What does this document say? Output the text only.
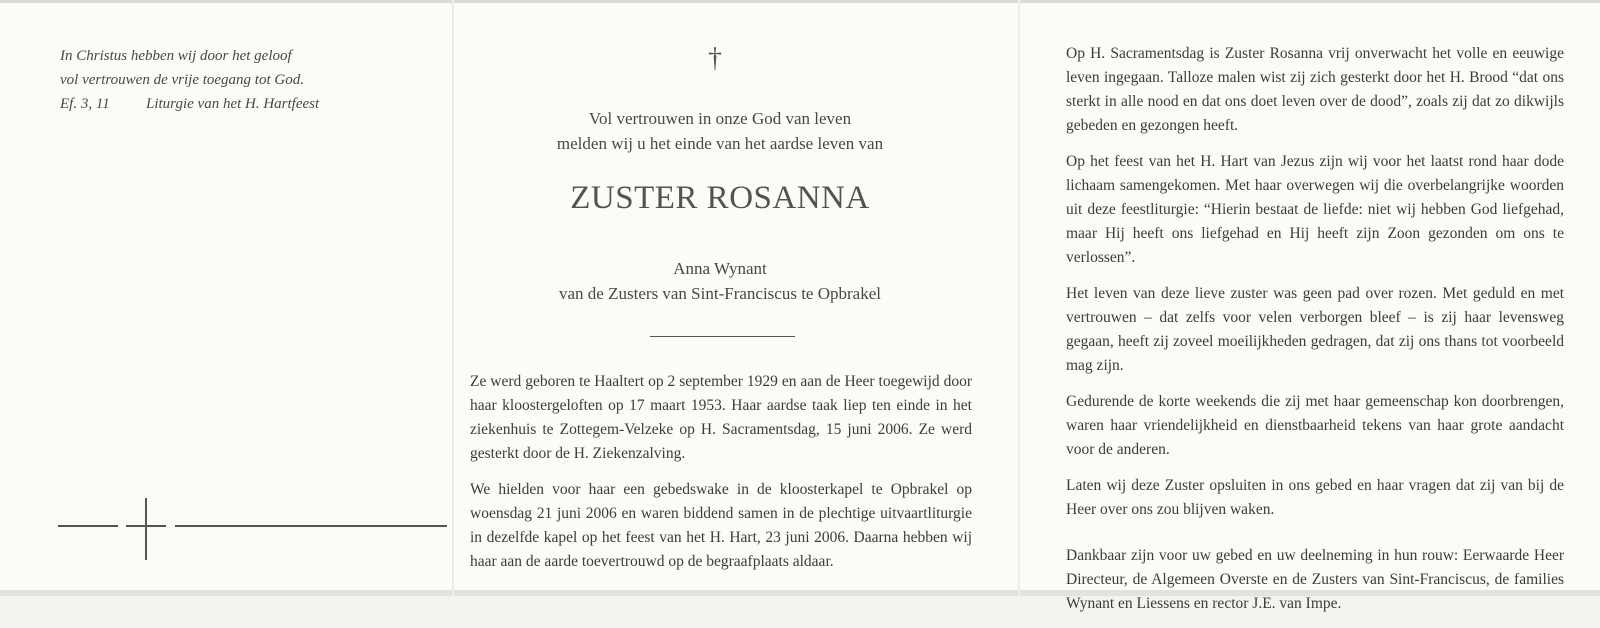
In Christus hebben wij door het geloof
vol vertrouwen de vrije toegang tot God.
Ef. 3, 11	Liturgie van het H. Hartfeest
†
Vol vertrouwen in onze God van leven
melden wij u het einde van het aardse leven van
ZUSTER ROSANNA
Anna Wynant
van de Zusters van Sint-Franciscus te Opbrakel

Ze werd geboren te Haaltert op 2 september 1929 en aan de Heer toegewijd door haar kloostergeloften op 17 maart 1953. Haar aardse taak liep ten einde in het ziekenhuis te Zottegem-Velzeke op H. Sacramentsdag, 15 juni 2006. Ze werd gesterkt door de H. Ziekenzalving.

We hielden voor haar een gebedswake in de kloosterkapel te Opbrakel op woensdag 21 juni 2006 en waren biddend samen in de plechtige uitvaartliturgie in dezelfde kapel op het feest van het H. Hart, 23 juni 2006. Daarna hebben wij haar aan de aarde toevertrouwd op de begraafplaats aldaar.

Op H. Sacramentsdag is Zuster Rosanna vrij onverwacht het volle en eeuwige leven ingegaan. Talloze malen wist zij zich gesterkt door het H. Brood “dat ons sterkt in alle nood en dat ons doet leven over de dood”, zoals zij dat zo dikwijls gebeden en gezongen heeft.

Op het feest van het H. Hart van Jezus zijn wij voor het laatst rond haar dode lichaam samengekomen. Met haar overwegen wij die overbelangrijke woorden uit deze feestliturgie: “Hierin bestaat de liefde: niet wij hebben God liefgehad, maar Hij heeft ons liefgehad en Hij heeft zijn Zoon gezonden om ons te verlossen”.

Het leven van deze lieve zuster was geen pad over rozen. Met geduld en met vertrouwen – dat zelfs voor velen verborgen bleef – is zij haar levensweg gegaan, heeft zij zoveel moeilijkheden gedragen, dat zij ons thans tot voorbeeld mag zijn.

Gedurende de korte weekends die zij met haar gemeenschap kon doorbrengen, waren haar vriendelijkheid en dienstbaarheid tekens van haar grote aandacht voor de anderen.

Laten wij deze Zuster opsluiten in ons gebed en haar vragen dat zij van bij de Heer over ons zou blijven waken.

Dankbaar zijn voor uw gebed en uw deelneming in hun rouw: Eerwaarde Heer Directeur, de Algemeen Overste en de Zusters van Sint-Franciscus, de families Wynant en Liessens en rector J.E. van Impe.
